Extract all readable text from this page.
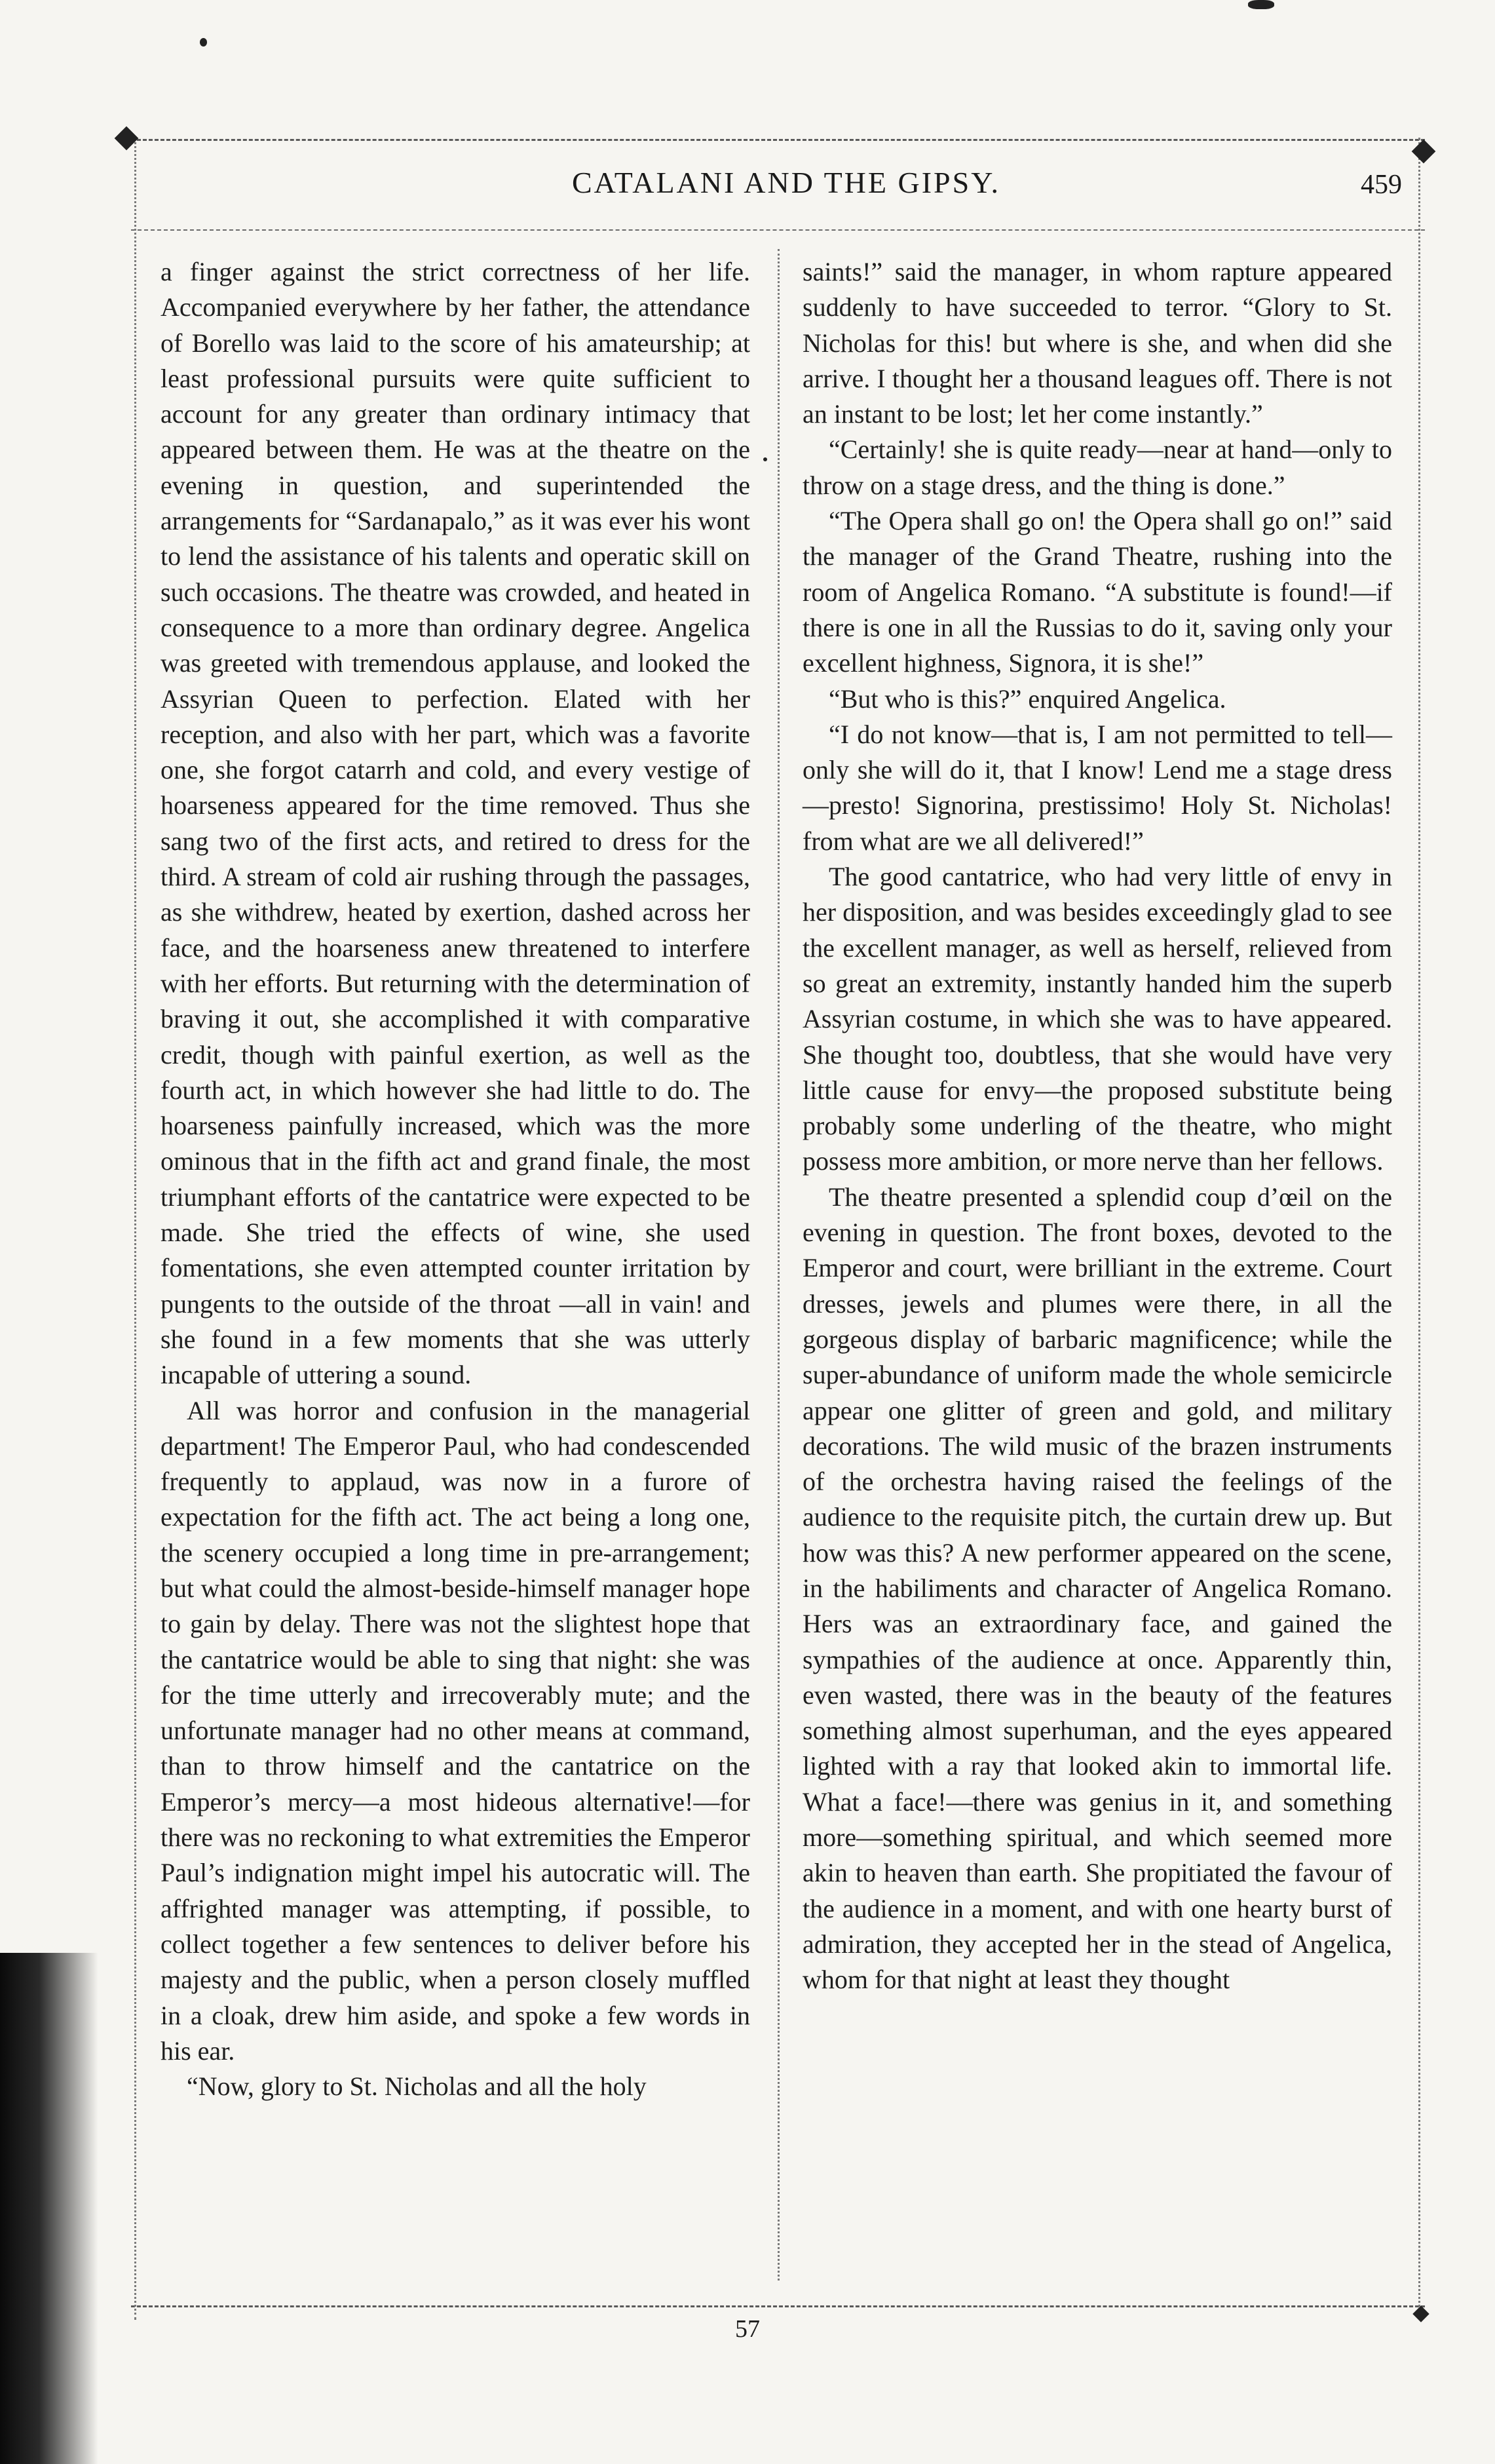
CATALANI AND THE GIPSY.	459

a finger against the strict correctness of her life. Accompanied everywhere by her father, the attendance of Borello was laid to the score of his amateurship; at least professional pursuits were quite sufficient to account for any greater than ordinary intimacy that appeared between them. He was at the theatre on the evening in question, and superintended the arrangements for “Sardanapalo,” as it was ever his wont to lend the assistance of his talents and operatic skill on such occasions. The theatre was crowded, and heated in consequence to a more than ordinary degree. Angelica was greeted with tremendous applause, and looked the Assyrian Queen to perfection. Elated with her reception, and also with her part, which was a favorite one, she forgot catarrh and cold, and every vestige of hoarseness appeared for the time removed. Thus she sang two of the first acts, and retired to dress for the third. A stream of cold air rushing through the passages, as she withdrew, heated by exertion, dashed across her face, and the hoarseness anew threatened to interfere with her efforts. But returning with the determination of braving it out, she accomplished it with comparative credit, though with painful exertion, as well as the fourth act, in which however she had little to do. The hoarseness painfully increased, which was the more ominous that in the fifth act and grand finale, the most triumphant efforts of the cantatrice were expected to be made. She tried the effects of wine, she used fomentations, she even attempted counter irritation by pungents to the outside of the throat —all in vain! and she found in a few moments that she was utterly incapable of uttering a sound.

All was horror and confusion in the managerial department! The Emperor Paul, who had condescended frequently to applaud, was now in a furore of expectation for the fifth act. The act being a long one, the scenery occupied a long time in pre-arrangement; but what could the almost-beside-himself manager hope to gain by delay. There was not the slightest hope that the cantatrice would be able to sing that night: she was for the time utterly and irrecoverably mute; and the unfortunate manager had no other means at command, than to throw himself and the cantatrice on the Emperor’s mercy—a most hideous alternative!—for there was no reckoning to what extremities the Emperor Paul’s indignation might impel his autocratic will. The affrighted manager was attempting, if possible, to collect together a few sentences to deliver before his majesty and the public, when a person closely muffled in a cloak, drew him aside, and spoke a few words in his ear.

“Now, glory to St. Nicholas and all the holy

saints!” said the manager, in whom rapture appeared suddenly to have succeeded to terror. “Glory to St. Nicholas for this! but where is she, and when did she arrive. I thought her a thousand leagues off. There is not an instant to be lost; let her come instantly.”

“Certainly! she is quite ready—near at hand—only to throw on a stage dress, and the thing is done.”

“The Opera shall go on! the Opera shall go on!” said the manager of the Grand Theatre, rushing into the room of Angelica Romano. “A substitute is found!—if there is one in all the Russias to do it, saving only your excellent highness, Signora, it is she!”

“But who is this?” enquired Angelica.

“I do not know—that is, I am not permitted to tell—only she will do it, that I know! Lend me a stage dress—presto! Signorina, prestissimo! Holy St. Nicholas! from what are we all delivered!”

The good cantatrice, who had very little of envy in her disposition, and was besides exceedingly glad to see the excellent manager, as well as herself, relieved from so great an extremity, instantly handed him the superb Assyrian costume, in which she was to have appeared. She thought too, doubtless, that she would have very little cause for envy—the proposed substitute being probably some underling of the theatre, who might possess more ambition, or more nerve than her fellows.

The theatre presented a splendid coup d’œil on the evening in question. The front boxes, devoted to the Emperor and court, were brilliant in the extreme. Court dresses, jewels and plumes were there, in all the gorgeous display of barbaric magnificence; while the super-abundance of uniform made the whole semicircle appear one glitter of green and gold, and military decorations. The wild music of the brazen instruments of the orchestra having raised the feelings of the audience to the requisite pitch, the curtain drew up. But how was this? A new performer appeared on the scene, in the habiliments and character of Angelica Romano. Hers was an extraordinary face, and gained the sympathies of the audience at once. Apparently thin, even wasted, there was in the beauty of the features something almost superhuman, and the eyes appeared lighted with a ray that looked akin to immortal life. What a face!—there was genius in it, and something more—something spiritual, and which seemed more akin to heaven than earth. She propitiated the favour of the audience in a moment, and with one hearty burst of admiration, they accepted her in the stead of Angelica, whom for that night at least they thought

57
